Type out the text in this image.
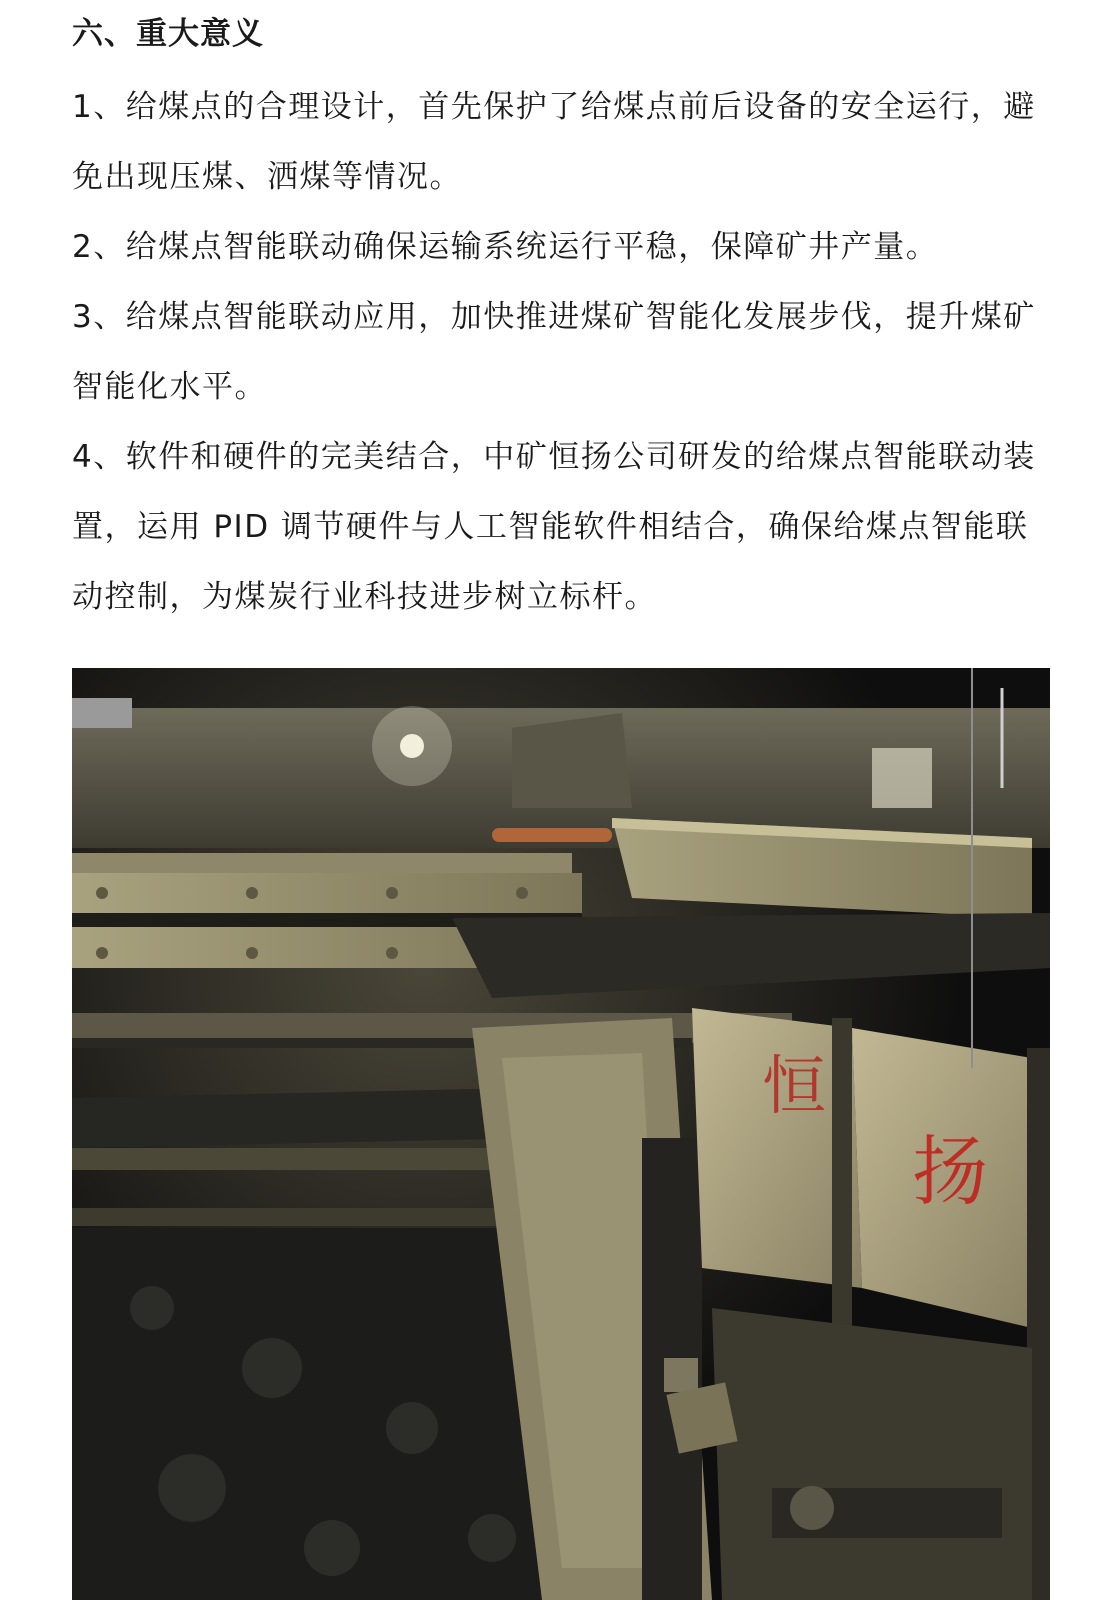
六、重大意义

1、给煤点的合理设计，首先保护了给煤点前后设备的安全运行，避免出现压煤、洒煤等情况。

2、给煤点智能联动确保运输系统运行平稳，保障矿井产量。

3、给煤点智能联动应用，加快推进煤矿智能化发展步伐，提升煤矿智能化水平。

4、软件和硬件的完美结合，中矿恒扬公司研发的给煤点智能联动装置，运用 PID 调节硬件与人工智能软件相结合，确保给煤点智能联动控制，为煤炭行业科技进步树立标杆。

恒
扬
